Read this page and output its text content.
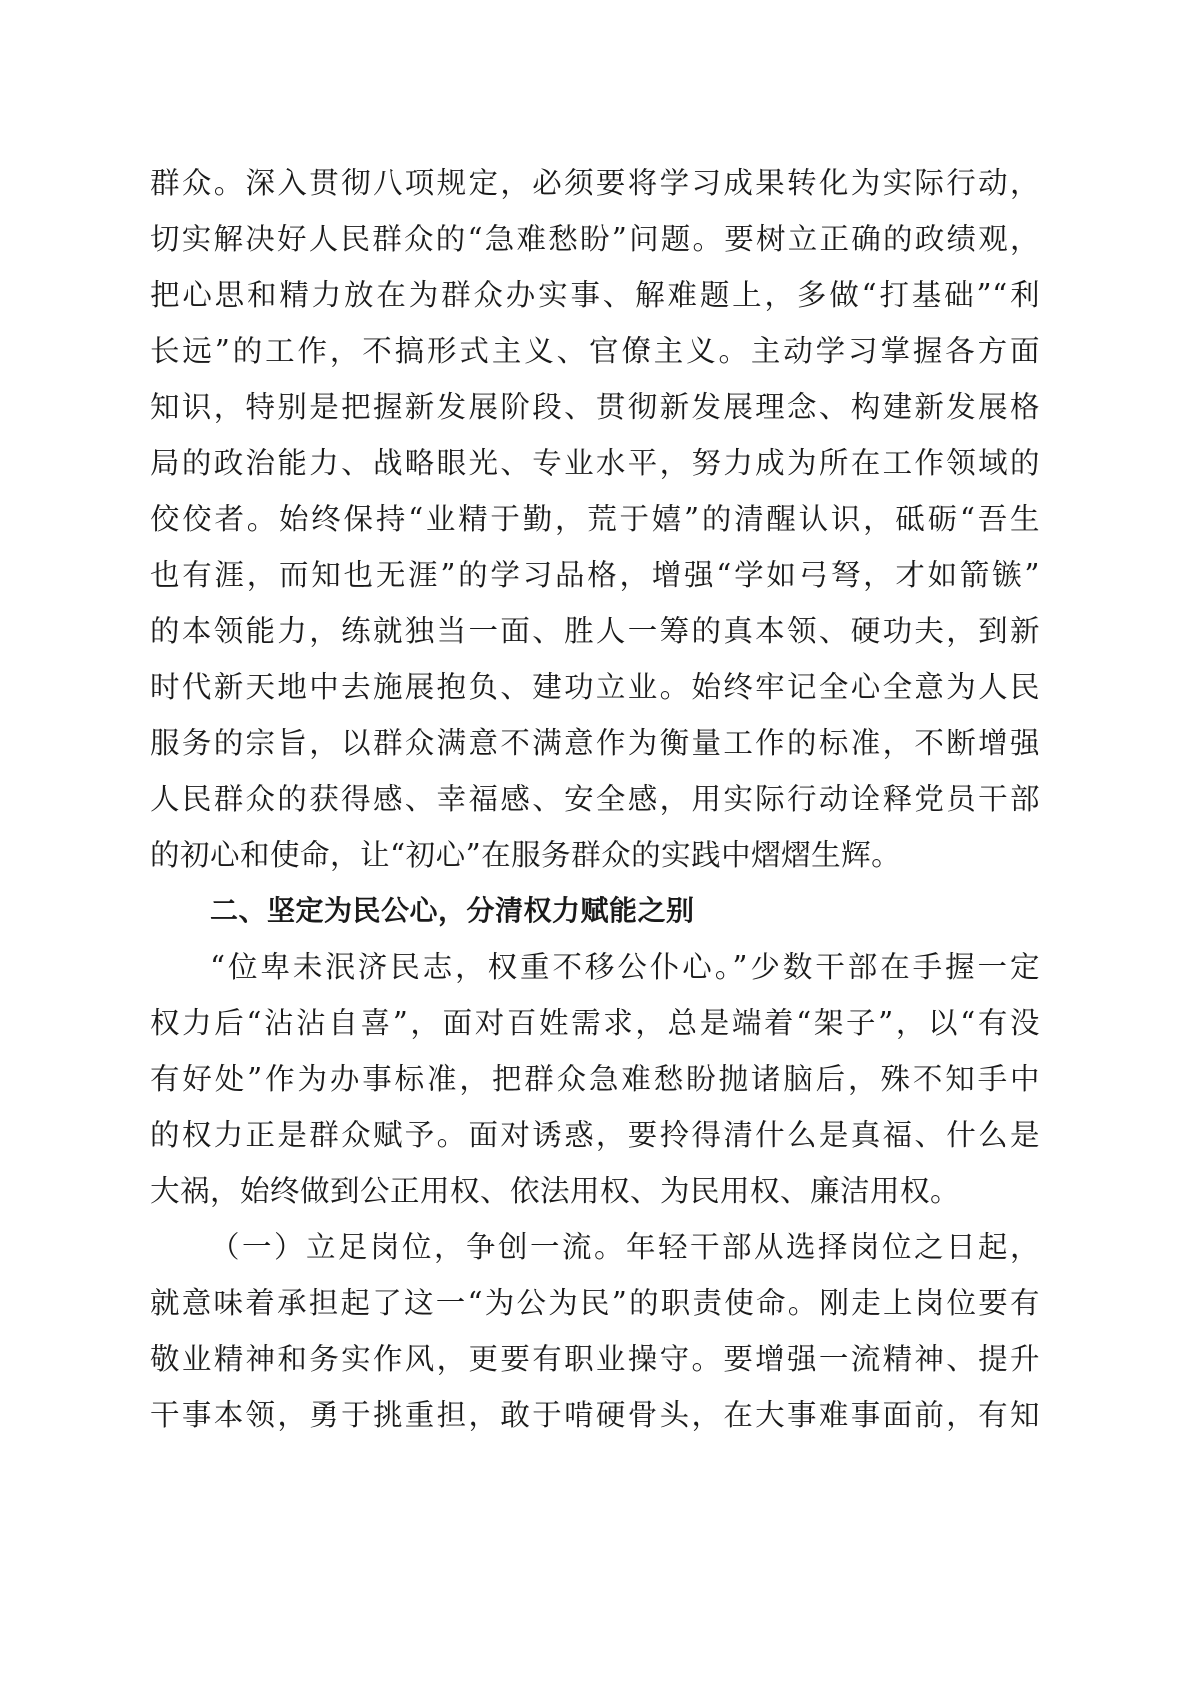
群众。深入贯彻八项规定，必须要将学习成果转化为实际行动，
切实解决好人民群众的“急难愁盼”问题。要树立正确的政绩观，
把心思和精力放在为群众办实事、解难题上，多做“打基础”“利
长远”的工作，不搞形式主义、官僚主义。主动学习掌握各方面
知识，特别是把握新发展阶段、贯彻新发展理念、构建新发展格
局的政治能力、战略眼光、专业水平，努力成为所在工作领域的
佼佼者。始终保持“业精于勤，荒于嬉”的清醒认识，砥砺“吾生
也有涯，而知也无涯”的学习品格，增强“学如弓弩，才如箭镞”
的本领能力，练就独当一面、胜人一筹的真本领、硬功夫，到新
时代新天地中去施展抱负、建功立业。始终牢记全心全意为人民
服务的宗旨，以群众满意不满意作为衡量工作的标准，不断增强
人民群众的获得感、幸福感、安全感，用实际行动诠释党员干部
的初心和使命，让“初心”在服务群众的实践中熠熠生辉。
二、坚定为民公心，分清权力赋能之别
“位卑未泯济民志，权重不移公仆心。”少数干部在手握一定
权力后“沾沾自喜”，面对百姓需求，总是端着“架子”，以“有没
有好处”作为办事标准，把群众急难愁盼抛诸脑后，殊不知手中
的权力正是群众赋予。面对诱惑，要拎得清什么是真福、什么是
大祸，始终做到公正用权、依法用权、为民用权、廉洁用权。
（一）立足岗位，争创一流。年轻干部从选择岗位之日起，
就意味着承担起了这一“为公为民”的职责使命。刚走上岗位要有
敬业精神和务实作风，更要有职业操守。要增强一流精神、提升
干事本领，勇于挑重担，敢于啃硬骨头，在大事难事面前，有知
